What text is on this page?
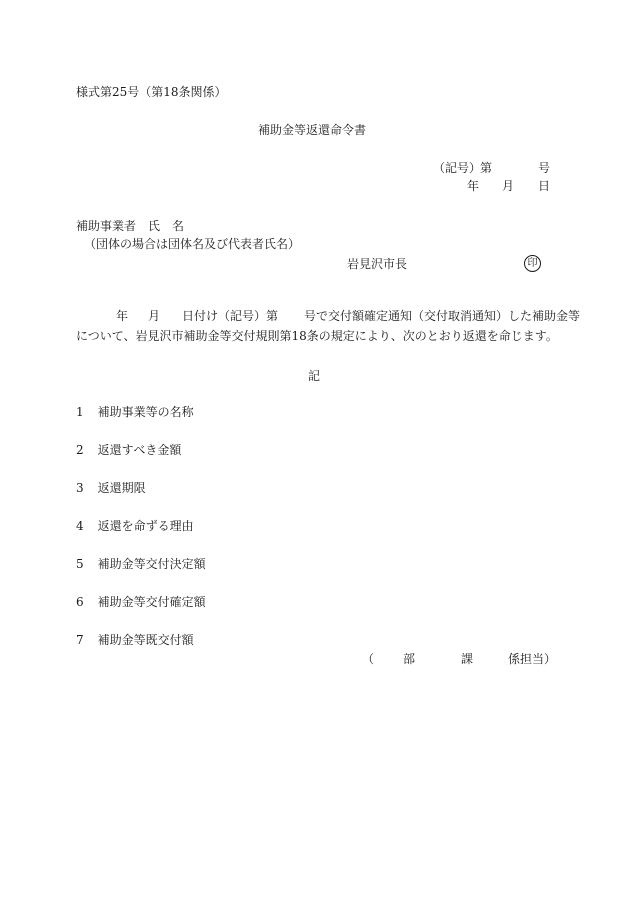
様式第25号（第18条関係）
補助金等返還命令書
（記号）
第	号
年 月 日
補助事業者 氏 名
（団体の場合は団体名及び代表者氏名）
岩見沢市長	印
年 月 日付け（記号）第 号で交付額確定通知（交付取消通知）した補助金等
について、岩見沢市補助金等交付規則第18条の規定により、次のとおり返還を命じます。
記
1 補助事業等の名称
2 返還すべき金額
3 返還期限
4 返還を命ずる理由
5 補助金等交付決定額
6 補助金等交付確定額
7 補助金等既交付額
（ 部	課	係担当）
